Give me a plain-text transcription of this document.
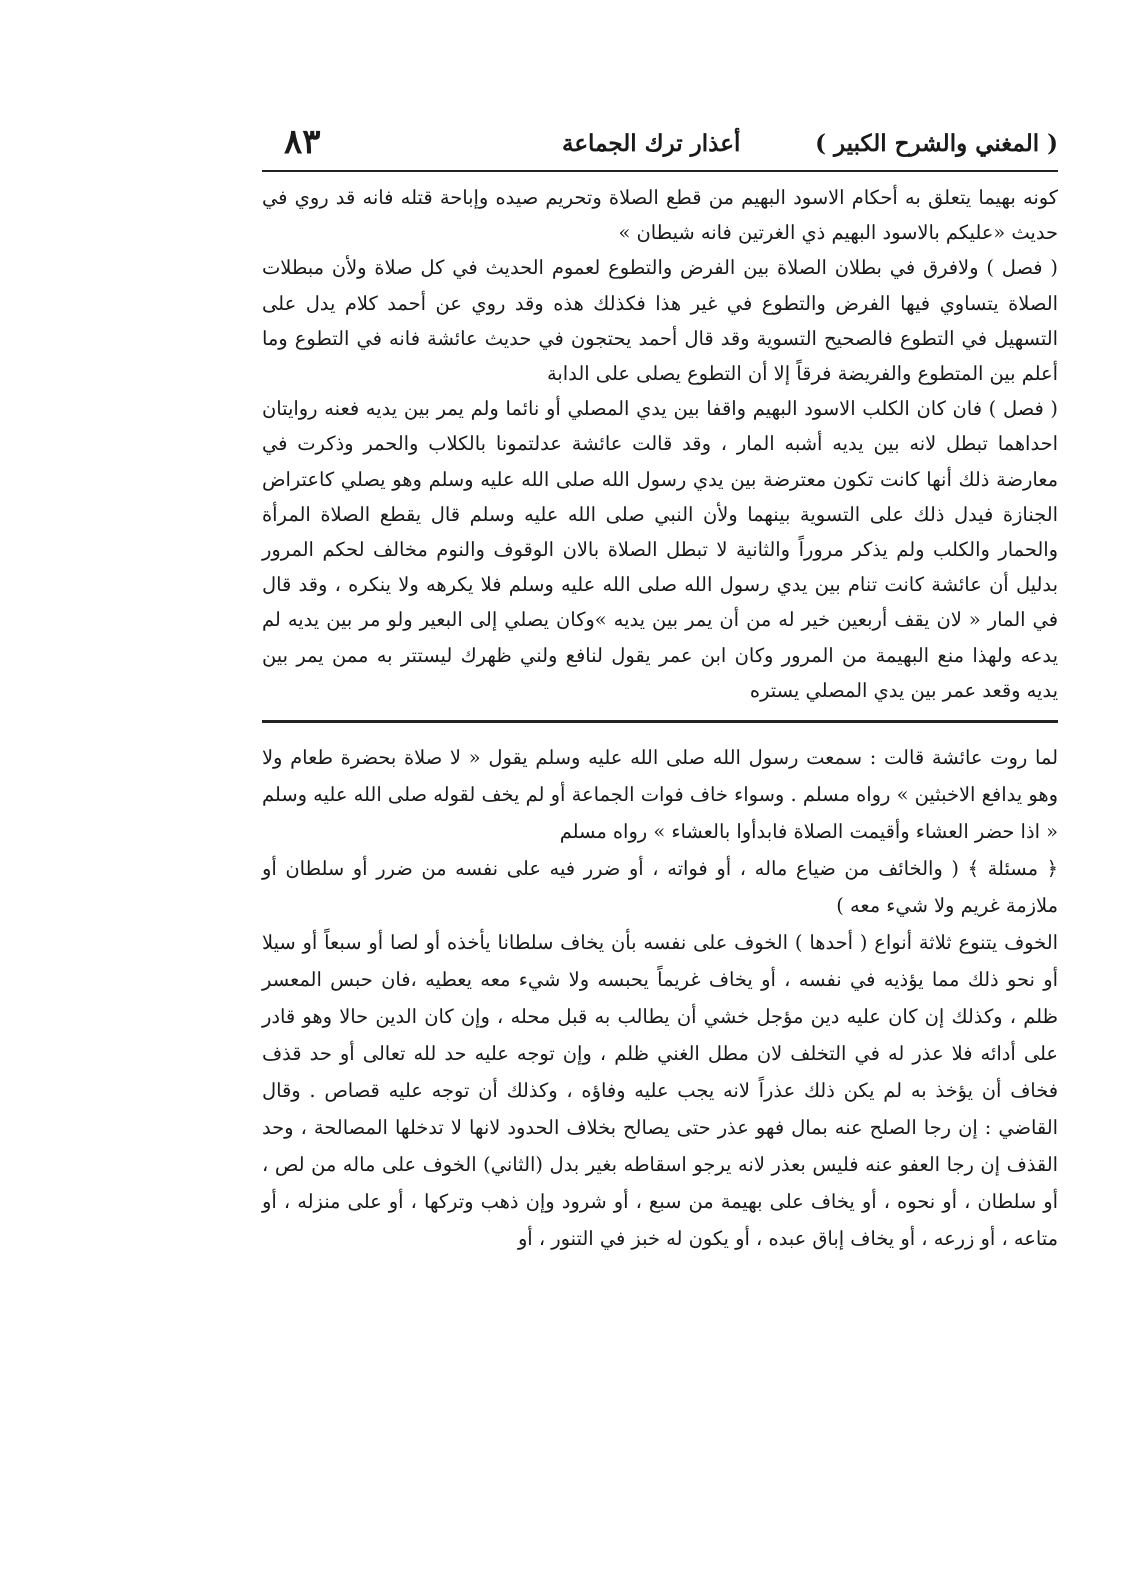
( المغني والشرح الكبير )
أعذار ترك الجماعة
٨٣

كونه بهيما يتعلق به أحكام الاسود البهيم من قطع الصلاة وتحريم صيده وإباحة قتله فانه قد روي في حديث «عليكم بالاسود البهيم ذي الغرتين فانه شيطان »

( فصل ) ولافرق في بطلان الصلاة بين الفرض والتطوع لعموم الحديث في كل صلاة ولأن مبطلات الصلاة يتساوي فيها الفرض والتطوع في غير هذا فكذلك هذه وقد روي عن أحمد كلام يدل على التسهيل في التطوع فالصحيح التسوية وقد قال أحمد يحتجون في حديث عائشة فانه في التطوع وما أعلم بين المتطوع والفريضة فرقاً إلا أن التطوع يصلى على الدابة

( فصل ) فان كان الكلب الاسود البهيم واقفا بين يدي المصلي أو نائما ولم يمر بين يديه فعنه روايتان احداهما تبطل لانه بين يديه أشبه المار ، وقد قالت عائشة عدلتمونا بالكلاب والحمر وذكرت في معارضة ذلك أنها كانت تكون معترضة بين يدي رسول الله صلى الله عليه وسلم وهو يصلي كاعتراض الجنازة فيدل ذلك على التسوية بينهما ولأن النبي صلى الله عليه وسلم قال يقطع الصلاة المرأة والحمار والكلب ولم يذكر مروراً والثانية لا تبطل الصلاة بالان الوقوف والنوم مخالف لحكم المرور بدليل أن عائشة كانت تنام بين يدي رسول الله صلى الله عليه وسلم فلا يكرهه ولا ينكره ، وقد قال في المار « لان يقف أربعين خير له من أن يمر بين يديه »وكان يصلي إلى البعير ولو مر بين يديه لم يدعه ولهذا منع البهيمة من المرور وكان ابن عمر يقول لنافع ولني ظهرك ليستتر به ممن يمر بين يديه وقعد عمر بين يدي المصلي يستره

لما روت عائشة قالت : سمعت رسول الله صلى الله عليه وسلم يقول « لا صلاة بحضرة طعام ولا وهو يدافع الاخبثين » رواه مسلم . وسواء خاف فوات الجماعة أو لم يخف لقوله صلى الله عليه وسلم « اذا حضر العشاء وأقيمت الصلاة فابدأوا بالعشاء » رواه مسلم

﴿ مسئلة ﴾ ( والخائف من ضياع ماله ، أو فواته ، أو ضرر فيه على نفسه من ضرر أو سلطان أو ملازمة غريم ولا شيء معه )

الخوف يتنوع ثلاثة أنواع ( أحدها ) الخوف على نفسه بأن يخاف سلطانا يأخذه أو لصا أو سبعاً أو سيلا أو نحو ذلك مما يؤذيه في نفسه ، أو يخاف غريماً يحبسه ولا شيء معه يعطيه ،فان حبس المعسر ظلم ، وكذلك إن كان عليه دين مؤجل خشي أن يطالب به قبل محله ، وإن كان الدين حالا وهو قادر على أدائه فلا عذر له في التخلف لان مطل الغني ظلم ، وإن توجه عليه حد لله تعالى أو حد قذف فخاف أن يؤخذ به لم يكن ذلك عذراً لانه يجب عليه وفاؤه ، وكذلك أن توجه عليه قصاص . وقال القاضي : إن رجا الصلح عنه بمال فهو عذر حتى يصالح بخلاف الحدود لانها لا تدخلها المصالحة ، وحد القذف إن رجا العفو عنه فليس بعذر لانه يرجو اسقاطه بغير بدل (الثاني) الخوف على ماله من لص ، أو سلطان ، أو نحوه ، أو يخاف على بهيمة من سبع ، أو شرود وإن ذهب وتركها ، أو على منزله ، أو متاعه ، أو زرعه ، أو يخاف إباق عبده ، أو يكون له خبز في التنور ، أو
